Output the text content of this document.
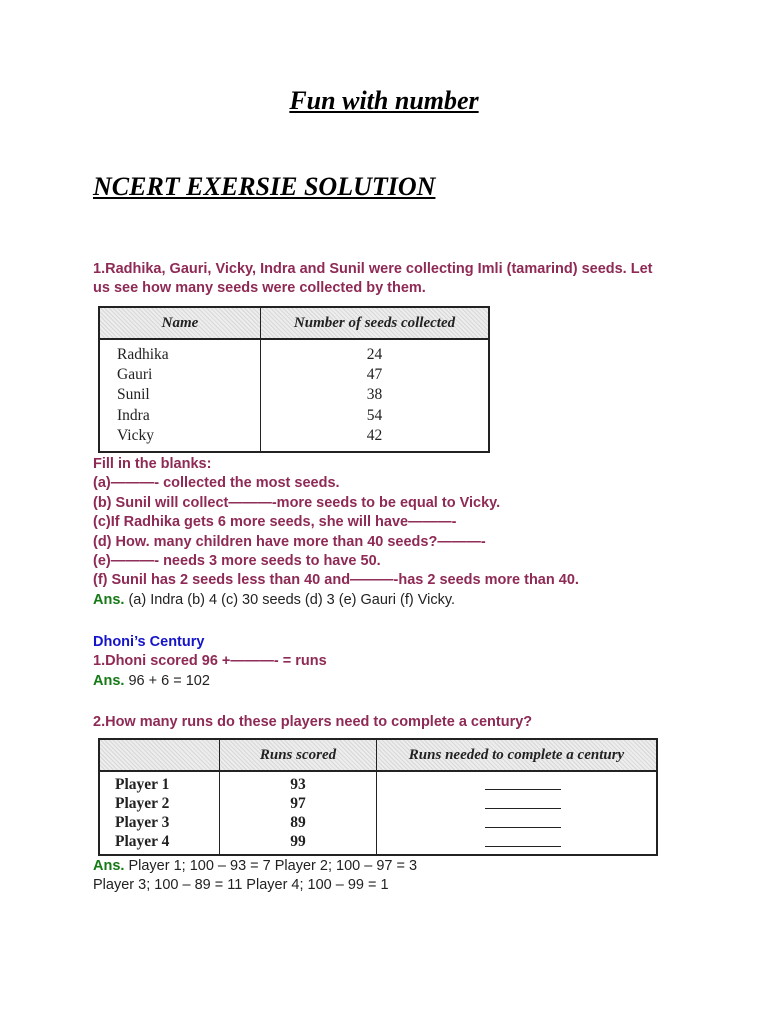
Fun with number
NCERT EXERSIE SOLUTION
1.Radhika, Gauri, Vicky, Indra and Sunil were collecting Imli (tamarind) seeds. Let
us see how many seeds were collected by them.
Name	Number of seeds collected

Radhika	24
Gauri	47
Sunil	38
Indra	54
Vicky	42

Fill in the blanks:
(a)———- collected the most seeds.
(b) Sunil will collect———-more seeds to be equal to Vicky.
(c)If Radhika gets 6 more seeds, she will have———-
(d) How. many children have more than 40 seeds?———-
(e)———- needs 3 more seeds to have 50.
(f) Sunil has 2 seeds less than 40 and———-has 2 seeds more than 40.
Ans. (a) Indra (b) 4 (c) 30 seeds (d) 3 (e) Gauri (f) Vicky.
Dhoni’s Century
1.Dhoni scored 96 +———- = runs
Ans. 96 + 6 = 102
2.How many runs do these players need to complete a century?
	Runs scored	Runs needed to complete a century

Player 1	93	

Player 2	97	

Player 3	89	

Player 4	99	

Ans. Player 1; 100 – 93 = 7 Player 2; 100 – 97 = 3
Player 3; 100 – 89 = 11 Player 4; 100 – 99 = 1
